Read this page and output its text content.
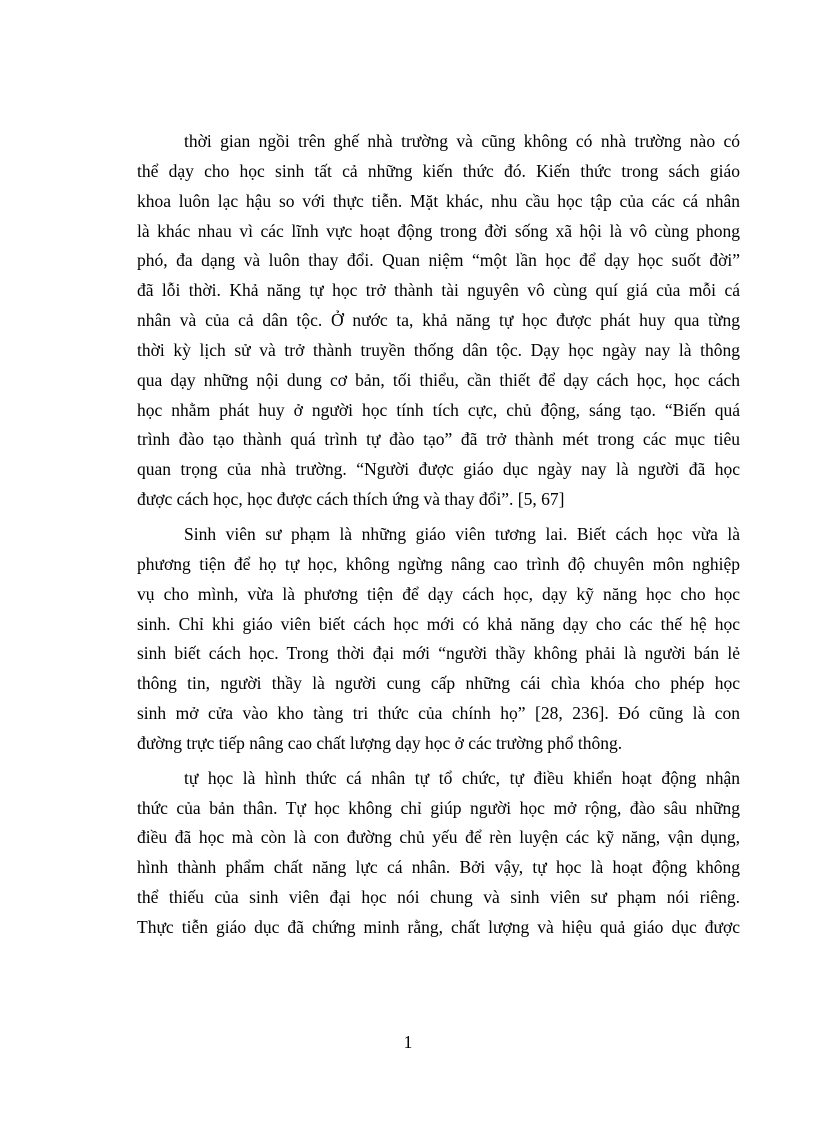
thời gian ngồi trên ghế nhà trường và cũng không có nhà trường nào có
thể dạy cho học sinh tất cả những kiến thức đó. Kiến thức trong sách giáo
khoa luôn lạc hậu so với thực tiễn. Mặt khác, nhu cầu học tập của các cá nhân
là khác nhau vì các lĩnh vực hoạt động trong đời sống xã hội là vô cùng phong
phó, đa dạng và luôn thay đổi. Quan niệm “một lần học để dạy học suốt đời”
đã lỗi thời. Khả năng tự học trở thành tài nguyên vô cùng quí giá của mỗi cá
nhân và của cả dân tộc. Ở nước ta, khả năng tự học được phát huy qua từng
thời kỳ lịch sử và trở thành truyền thống dân tộc. Dạy học ngày nay là thông
qua dạy những nội dung cơ bản, tối thiểu, cần thiết để dạy cách học, học cách
học nhằm phát huy ở người học tính tích cực, chủ động, sáng tạo. “Biến quá
trình đào tạo thành quá trình tự đào tạo” đã trở thành mét trong các mục tiêu
quan trọng của nhà trường. “Người được giáo dục ngày nay là người đã học
được cách học, học được cách thích ứng và thay đổi”. [5, 67]
Sinh viên sư phạm là những giáo viên tương lai. Biết cách học vừa là
phương tiện để họ tự học, không ngừng nâng cao trình độ chuyên môn nghiệp
vụ cho mình, vừa là phương tiện để dạy cách học, dạy kỹ năng học cho học
sinh. Chỉ khi giáo viên biết cách học mới có khả năng dạy cho các thế hệ học
sinh biết cách học. Trong thời đại mới “người thầy không phải là người bán lẻ
thông tin, người thầy là người cung cấp những cái chìa khóa cho phép học
sinh mở cửa vào kho tàng tri thức của chính họ” [28, 236]. Đó cũng là con
đường trực tiếp nâng cao chất lượng dạy học ở các trường phổ thông.
tự học là hình thức cá nhân tự tổ chức, tự điều khiển hoạt động nhận
thức của bản thân. Tự học không chỉ giúp người học mở rộng, đào sâu những
điều đã học mà còn là con đường chủ yếu để rèn luyện các kỹ năng, vận dụng,
hình thành phẩm chất năng lực cá nhân. Bởi vậy, tự học là hoạt động không
thể thiếu của sinh viên đại học nói chung và sinh viên sư phạm nói riêng.
Thực tiễn giáo dục đã chứng minh rằng, chất lượng và hiệu quả giáo dục được
1
